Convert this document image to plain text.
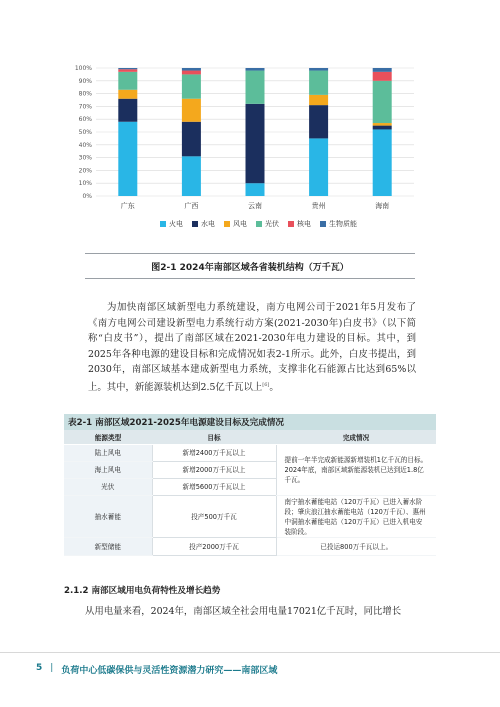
0%
10%
20%
30%
40%
50%
60%
70%
80%
90%
100%
广东	广西	云南	贵州	海南
火电	水电	风电	光伏	核电	生物质能
图2-1 2024年南部区域各省装机结构（万千瓦）
为加快南部区域新型电力系统建设，南方电网公司于2021年5月发布了《南方电网公司建设新型电力系统行动方案(2021-2030年)白皮书》（以下简称“白皮书”），提出了南部区域在2021-2030年电力建设的目标。其中，到2025年各种电源的建设目标和完成情况如表2-1所示。此外，白皮书提出，到2030年，南部区域基本建成新型电力系统，支撑非化石能源占比达到65%以上。其中，新能源装机达到2.5亿千瓦以上[6]。
表2-1 南部区域2021-2025年电源建设目标及完成情况
能源类型	目标	完成情况
陆上风电	新增2400万千瓦以上	提前一年半完成新能源新增装机1亿千瓦的目标。2024年底，南部区域新能源装机已达到近1.8亿千瓦。
海上风电	新增2000万千瓦以上	
光伏	新增5600万千瓦以上	
抽水蓄能	投产500万千瓦	南宁抽水蓄能电站（120万千瓦）已进入蓄水阶段；肇庆浪江抽水蓄能电站（120万千瓦）、惠州中洞抽水蓄能电站（120万千瓦）已进入机电安装阶段。
新型储能	投产2000万千瓦	已投运800万千瓦以上。
2.1.2 南部区域用电负荷特性及增长趋势
从用电量来看，2024年，南部区域全社会用电量17021亿千瓦时，同比增长
5 | 负荷中心低碳保供与灵活性资源潜力研究——南部区域
